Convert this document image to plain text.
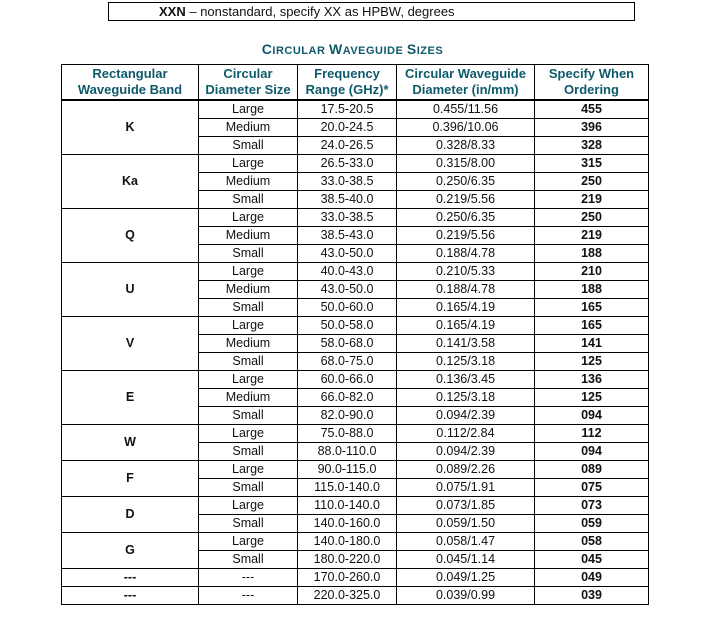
XXN – nonstandard, specify XX as HPBW, degrees
CIRCULAR WAVEGUIDE SIZES
Rectangular Waveguide Band	Circular Diameter Size	Frequency Range (GHz)*	Circular Waveguide Diameter (in/mm)	Specify When Ordering
K	Large	17.5-20.5	0.455/11.56	455
	Medium	20.0-24.5	0.396/10.06	396
	Small	24.0-26.5	0.328/8.33	328
Ka	Large	26.5-33.0	0.315/8.00	315
	Medium	33.0-38.5	0.250/6.35	250
	Small	38.5-40.0	0.219/5.56	219
Q	Large	33.0-38.5	0.250/6.35	250
	Medium	38.5-43.0	0.219/5.56	219
	Small	43.0-50.0	0.188/4.78	188
U	Large	40.0-43.0	0.210/5.33	210
	Medium	43.0-50.0	0.188/4.78	188
	Small	50.0-60.0	0.165/4.19	165
V	Large	50.0-58.0	0.165/4.19	165
	Medium	58.0-68.0	0.141/3.58	141
	Small	68.0-75.0	0.125/3.18	125
E	Large	60.0-66.0	0.136/3.45	136
	Medium	66.0-82.0	0.125/3.18	125
	Small	82.0-90.0	0.094/2.39	094
W	Large	75.0-88.0	0.112/2.84	112
	Small	88.0-110.0	0.094/2.39	094
F	Large	90.0-115.0	0.089/2.26	089
	Small	115.0-140.0	0.075/1.91	075
D	Large	110.0-140.0	0.073/1.85	073
	Small	140.0-160.0	0.059/1.50	059
G	Large	140.0-180.0	0.058/1.47	058
	Small	180.0-220.0	0.045/1.14	045
---	---	170.0-260.0	0.049/1.25	049
---	---	220.0-325.0	0.039/0.99	039
